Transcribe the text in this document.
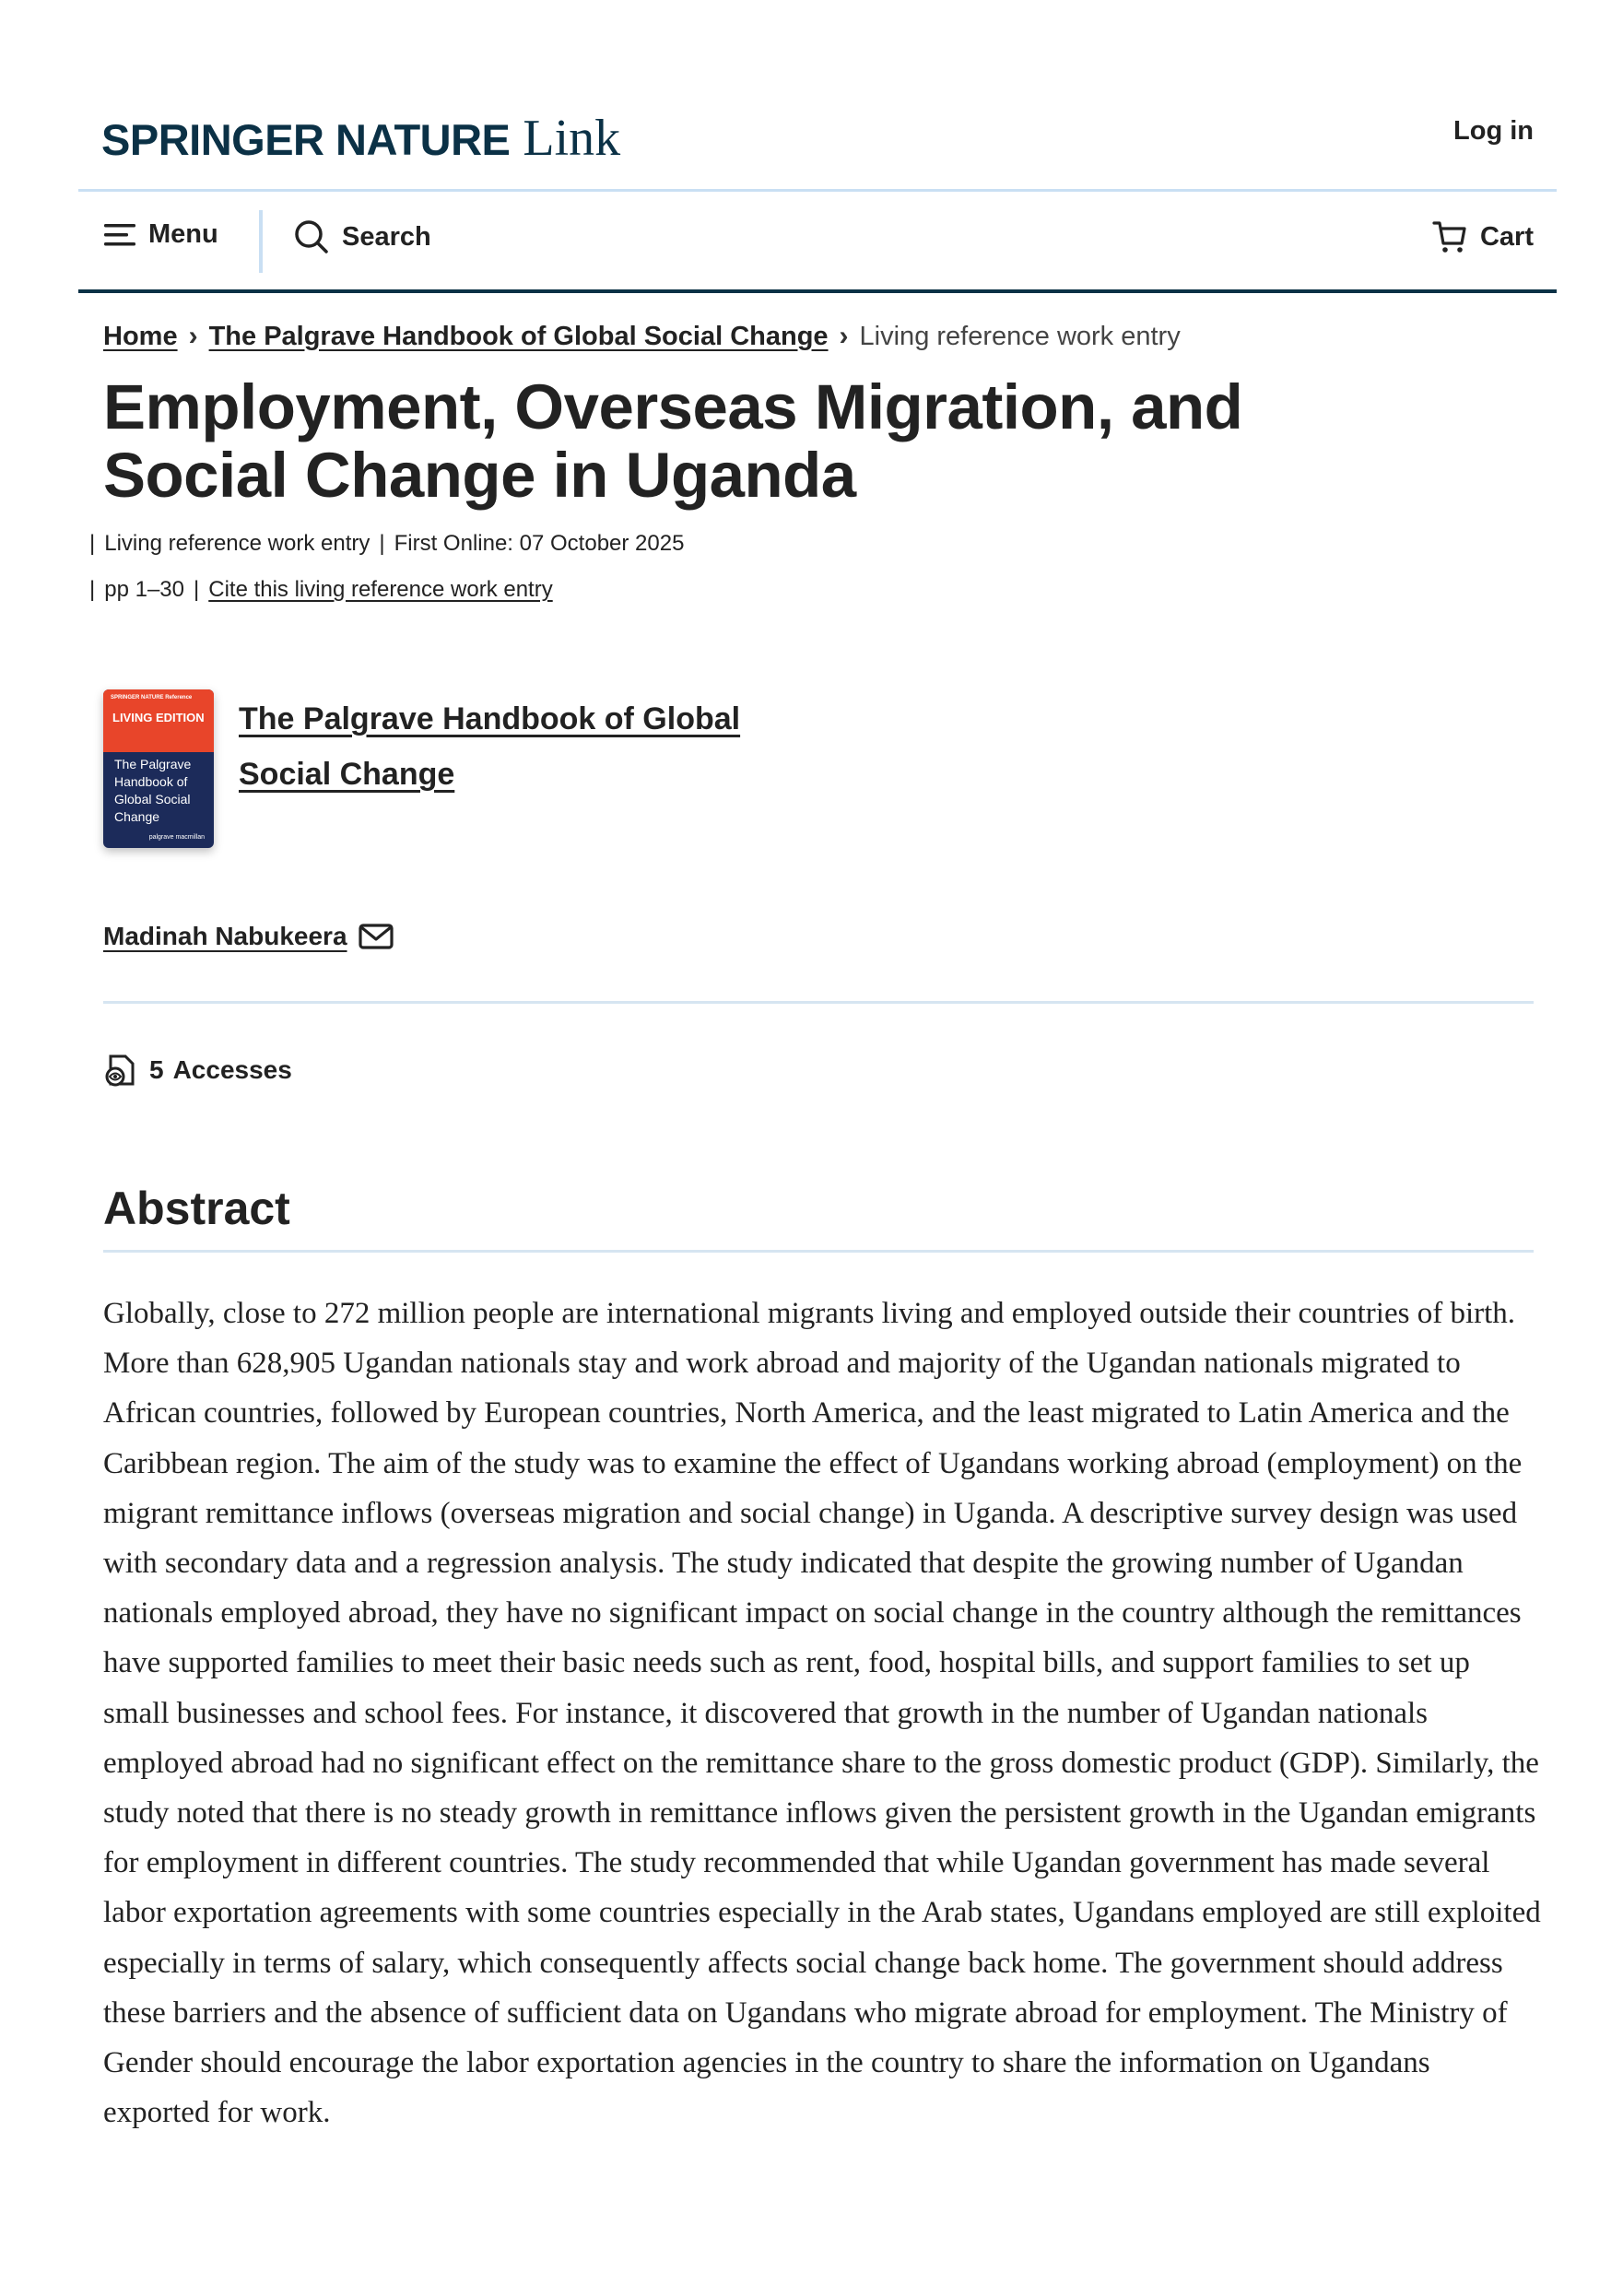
SPRINGER NATURE Link	Log in
Menu	Search	Cart
Home › The Palgrave Handbook of Global Social Change › Living reference work entry
Employment, Overseas Migration, and Social Change in Uganda
| Living reference work entry | First Online: 07 October 2025
| pp 1–30 | Cite this living reference work entry
SPRINGER NATURE Reference
LIVING EDITION
The Palgrave Handbook of Global Social Change
palgrave macmillan
The Palgrave Handbook of Global Social Change
Madinah Nabukeera
5 Accesses
Abstract

Globally, close to 272 million people are international migrants living and employed outside their countries of birth. More than 628,905 Ugandan nationals stay and work abroad and majority of the Ugandan nationals migrated to African countries, followed by European countries, North America, and the least migrated to Latin America and the Caribbean region. The aim of the study was to examine the effect of Ugandans working abroad (employment) on the migrant remittance inflows (overseas migration and social change) in Uganda. A descriptive survey design was used with secondary data and a regression analysis. The study indicated that despite the growing number of Ugandan nationals employed abroad, they have no significant impact on social change in the country although the remittances have supported families to meet their basic needs such as rent, food, hospital bills, and support families to set up small businesses and school fees. For instance, it discovered that growth in the number of Ugandan nationals employed abroad had no significant effect on the remittance share to the gross domestic product (GDP). Similarly, the study noted that there is no steady growth in remittance inflows given the persistent growth in the Ugandan emigrants for employment in different countries. The study recommended that while Ugandan government has made several labor exportation agreements with some countries especially in the Arab states, Ugandans employed are still exploited especially in terms of salary, which consequently affects social change back home. The government should address these barriers and the absence of sufficient data on Ugandans who migrate abroad for employment. The Ministry of Gender should encourage the labor exportation agencies in the country to share the information on Ugandans exported for work.
